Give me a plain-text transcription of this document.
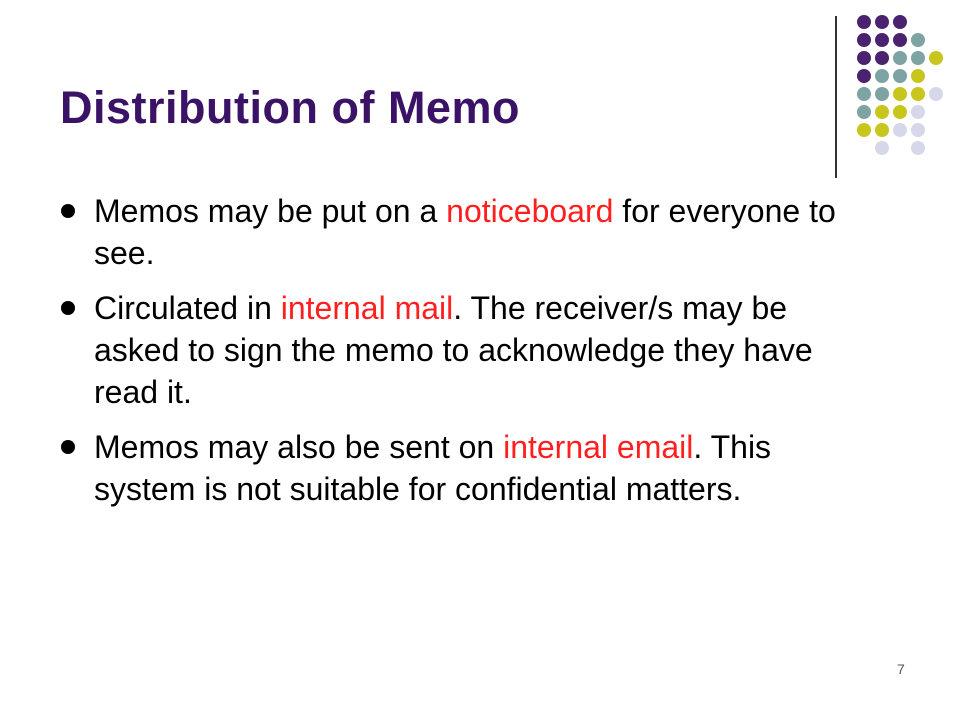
Distribution of Memo
Memos may be put on a noticeboard for everyone to see.
Circulated in internal mail. The receiver/s may be asked to sign the memo to acknowledge they have read it.
Memos may also be sent on internal email. This system is not suitable for confidential matters.
7
